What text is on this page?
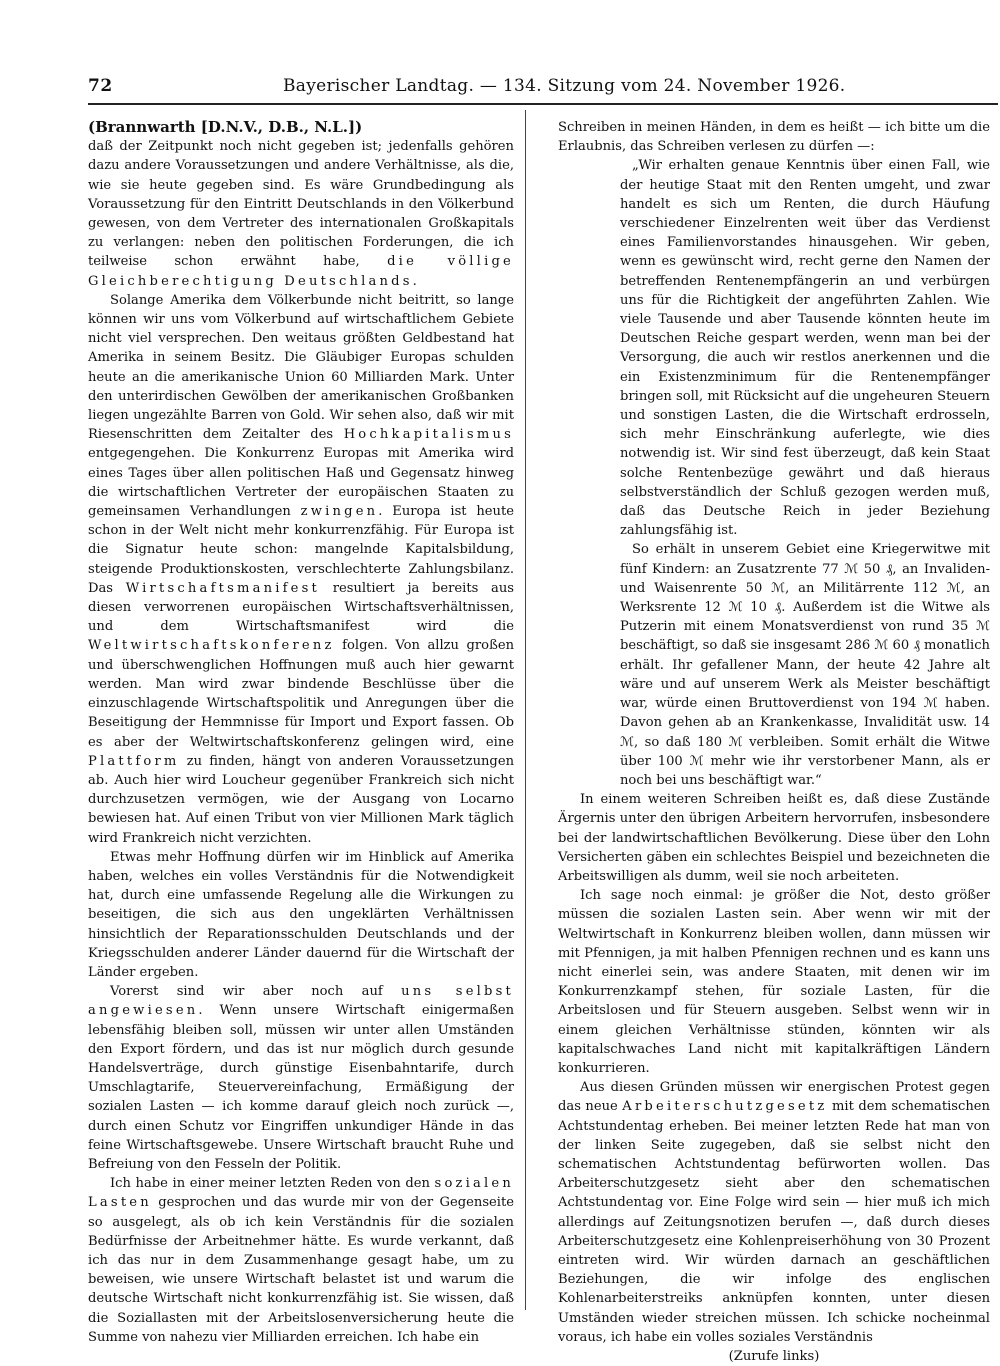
72	Bayerischer Landtag. — 134. Sitzung vom 24. November 1926.

(Brannwarth [D.N.V., D.B., N.L.])

daß der Zeitpunkt noch nicht gegeben ist; jedenfalls gehören dazu andere Voraussetzungen und andere Verhältnisse, als die, wie sie heute gegeben sind. Es wäre Grundbedingung als Voraussetzung für den Eintritt Deutschlands in den Völkerbund gewesen, von dem Vertreter des internationalen Großkapitals zu verlangen: neben den politischen Forderungen, die ich teilweise schon erwähnt habe, die völlige Gleichberechtigung Deutschlands.

Solange Amerika dem Völkerbunde nicht beitritt, so lange können wir uns vom Völkerbund auf wirtschaftlichem Gebiete nicht viel versprechen. Den weitaus größten Geldbestand hat Amerika in seinem Besitz. Die Gläubiger Europas schulden heute an die amerikanische Union 60 Milliarden Mark. Unter den unterirdischen Gewölben der amerikanischen Großbanken liegen ungezählte Barren von Gold. Wir sehen also, daß wir mit Riesenschritten dem Zeitalter des Hochkapitalismus entgegengehen. Die Konkurrenz Europas mit Amerika wird eines Tages über allen politischen Haß und Gegensatz hinweg die wirtschaftlichen Vertreter der europäischen Staaten zu gemeinsamen Verhandlungen zwingen. Europa ist heute schon in der Welt nicht mehr konkurrenzfähig. Für Europa ist die Signatur heute schon: mangelnde Kapitalsbildung, steigende Produktionskosten, verschlechterte Zahlungsbilanz. Das Wirtschaftsmanifest resultiert ja bereits aus diesen verworrenen europäischen Wirtschaftsverhältnissen, und dem Wirtschaftsmanifest wird die Weltwirtschaftskonferenz folgen. Von allzu großen und überschwenglichen Hoffnungen muß auch hier gewarnt werden. Man wird zwar bindende Beschlüsse über die einzuschlagende Wirtschaftspolitik und Anregungen über die Beseitigung der Hemmnisse für Import und Export fassen. Ob es aber der Weltwirtschaftskonferenz gelingen wird, eine Plattform zu finden, hängt von anderen Voraussetzungen ab. Auch hier wird Loucheur gegenüber Frankreich sich nicht durchzusetzen vermögen, wie der Ausgang von Locarno bewiesen hat. Auf einen Tribut von vier Millionen Mark täglich wird Frankreich nicht verzichten.

Etwas mehr Hoffnung dürfen wir im Hinblick auf Amerika haben, welches ein volles Verständnis für die Notwendigkeit hat, durch eine umfassende Regelung alle die Wirkungen zu beseitigen, die sich aus den ungeklärten Verhältnissen hinsichtlich der Reparationsschulden Deutschlands und der Kriegsschulden anderer Länder dauernd für die Wirtschaft der Länder ergeben.

Vorerst sind wir aber noch auf uns selbst angewiesen. Wenn unsere Wirtschaft einigermaßen lebensfähig bleiben soll, müssen wir unter allen Umständen den Export fördern, und das ist nur möglich durch gesunde Handelsverträge, durch günstige Eisenbahntarife, durch Umschlagtarife, Steuervereinfachung, Ermäßigung der sozialen Lasten — ich komme darauf gleich noch zurück —, durch einen Schutz vor Eingriffen unkundiger Hände in das feine Wirtschaftsgewebe. Unsere Wirtschaft braucht Ruhe und Befreiung von den Fesseln der Politik.

Ich habe in einer meiner letzten Reden von den sozialen Lasten gesprochen und das wurde mir von der Gegenseite so ausgelegt, als ob ich kein Verständnis für die sozialen Bedürfnisse der Arbeitnehmer hätte. Es wurde verkannt, daß ich das nur in dem Zusammenhange gesagt habe, um zu beweisen, wie unsere Wirtschaft belastet ist und warum die deutsche Wirtschaft nicht konkurrenzfähig ist. Sie wissen, daß die Soziallasten mit der Arbeitslosenversicherung heute die Summe von nahezu vier Milliarden erreichen. Ich habe ein

Schreiben in meinen Händen, in dem es heißt — ich bitte um die Erlaubnis, das Schreiben verlesen zu dürfen —:

„Wir erhalten genaue Kenntnis über einen Fall, wie der heutige Staat mit den Renten umgeht, und zwar handelt es sich um Renten, die durch Häufung verschiedener Einzelrenten weit über das Verdienst eines Familienvorstandes hinausgehen. Wir geben, wenn es gewünscht wird, recht gerne den Namen der betreffenden Rentenempfängerin an und verbürgen uns für die Richtigkeit der angeführten Zahlen. Wie viele Tausende und aber Tausende könnten heute im Deutschen Reiche gespart werden, wenn man bei der Versorgung, die auch wir restlos anerkennen und die ein Existenzminimum für die Rentenempfänger bringen soll, mit Rücksicht auf die ungeheuren Steuern und sonstigen Lasten, die die Wirtschaft erdrosseln, sich mehr Einschränkung auferlegte, wie dies notwendig ist. Wir sind fest überzeugt, daß kein Staat solche Rentenbezüge gewährt und daß hieraus selbstverständlich der Schluß gezogen werden muß, daß das Deutsche Reich in jeder Beziehung zahlungsfähig ist.

So erhält in unserem Gebiet eine Kriegerwitwe mit fünf Kindern: an Zusatzrente 77 ℳ 50 ₰, an Invaliden- und Waisenrente 50 ℳ, an Militärrente 112 ℳ, an Werksrente 12 ℳ 10 ₰. Außerdem ist die Witwe als Putzerin mit einem Monatsverdienst von rund 35 ℳ beschäftigt, so daß sie insgesamt 286 ℳ 60 ₰ monatlich erhält. Ihr gefallener Mann, der heute 42 Jahre alt wäre und auf unserem Werk als Meister beschäftigt war, würde einen Bruttoverdienst von 194 ℳ haben. Davon gehen ab an Krankenkasse, Invalidität usw. 14 ℳ, so daß 180 ℳ verbleiben. Somit erhält die Witwe über 100 ℳ mehr wie ihr verstorbener Mann, als er noch bei uns beschäftigt war.“

In einem weiteren Schreiben heißt es, daß diese Zustände Ärgernis unter den übrigen Arbeitern hervorrufen, insbesondere bei der landwirtschaftlichen Bevölkerung. Diese über den Lohn Versicherten gäben ein schlechtes Beispiel und bezeichneten die Arbeitswilligen als dumm, weil sie noch arbeiteten.

Ich sage noch einmal: je größer die Not, desto größer müssen die sozialen Lasten sein. Aber wenn wir mit der Weltwirtschaft in Konkurrenz bleiben wollen, dann müssen wir mit Pfennigen, ja mit halben Pfennigen rechnen und es kann uns nicht einerlei sein, was andere Staaten, mit denen wir im Konkurrenzkampf stehen, für soziale Lasten, für die Arbeitslosen und für Steuern ausgeben. Selbst wenn wir in einem gleichen Verhältnisse stünden, könnten wir als kapitalschwaches Land nicht mit kapitalkräftigen Ländern konkurrieren.

Aus diesen Gründen müssen wir energischen Protest gegen das neue Arbeiterschutzgesetz mit dem schematischen Achtstundentag erheben. Bei meiner letzten Rede hat man von der linken Seite zugegeben, daß sie selbst nicht den schematischen Achtstundentag befürworten wollen. Das Arbeiterschutzgesetz sieht aber den schematischen Achtstundentag vor. Eine Folge wird sein — hier muß ich mich allerdings auf Zeitungsnotizen berufen —, daß durch dieses Arbeiterschutzgesetz eine Kohlenpreiserhöhung von 30 Prozent eintreten wird. Wir würden darnach an geschäftlichen Beziehungen, die wir infolge des englischen Kohlenarbeiterstreiks anknüpfen konnten, unter diesen Umständen wieder streichen müssen. Ich schicke nocheinmal voraus, ich habe ein volles soziales Verständnis

(Zurufe links)
